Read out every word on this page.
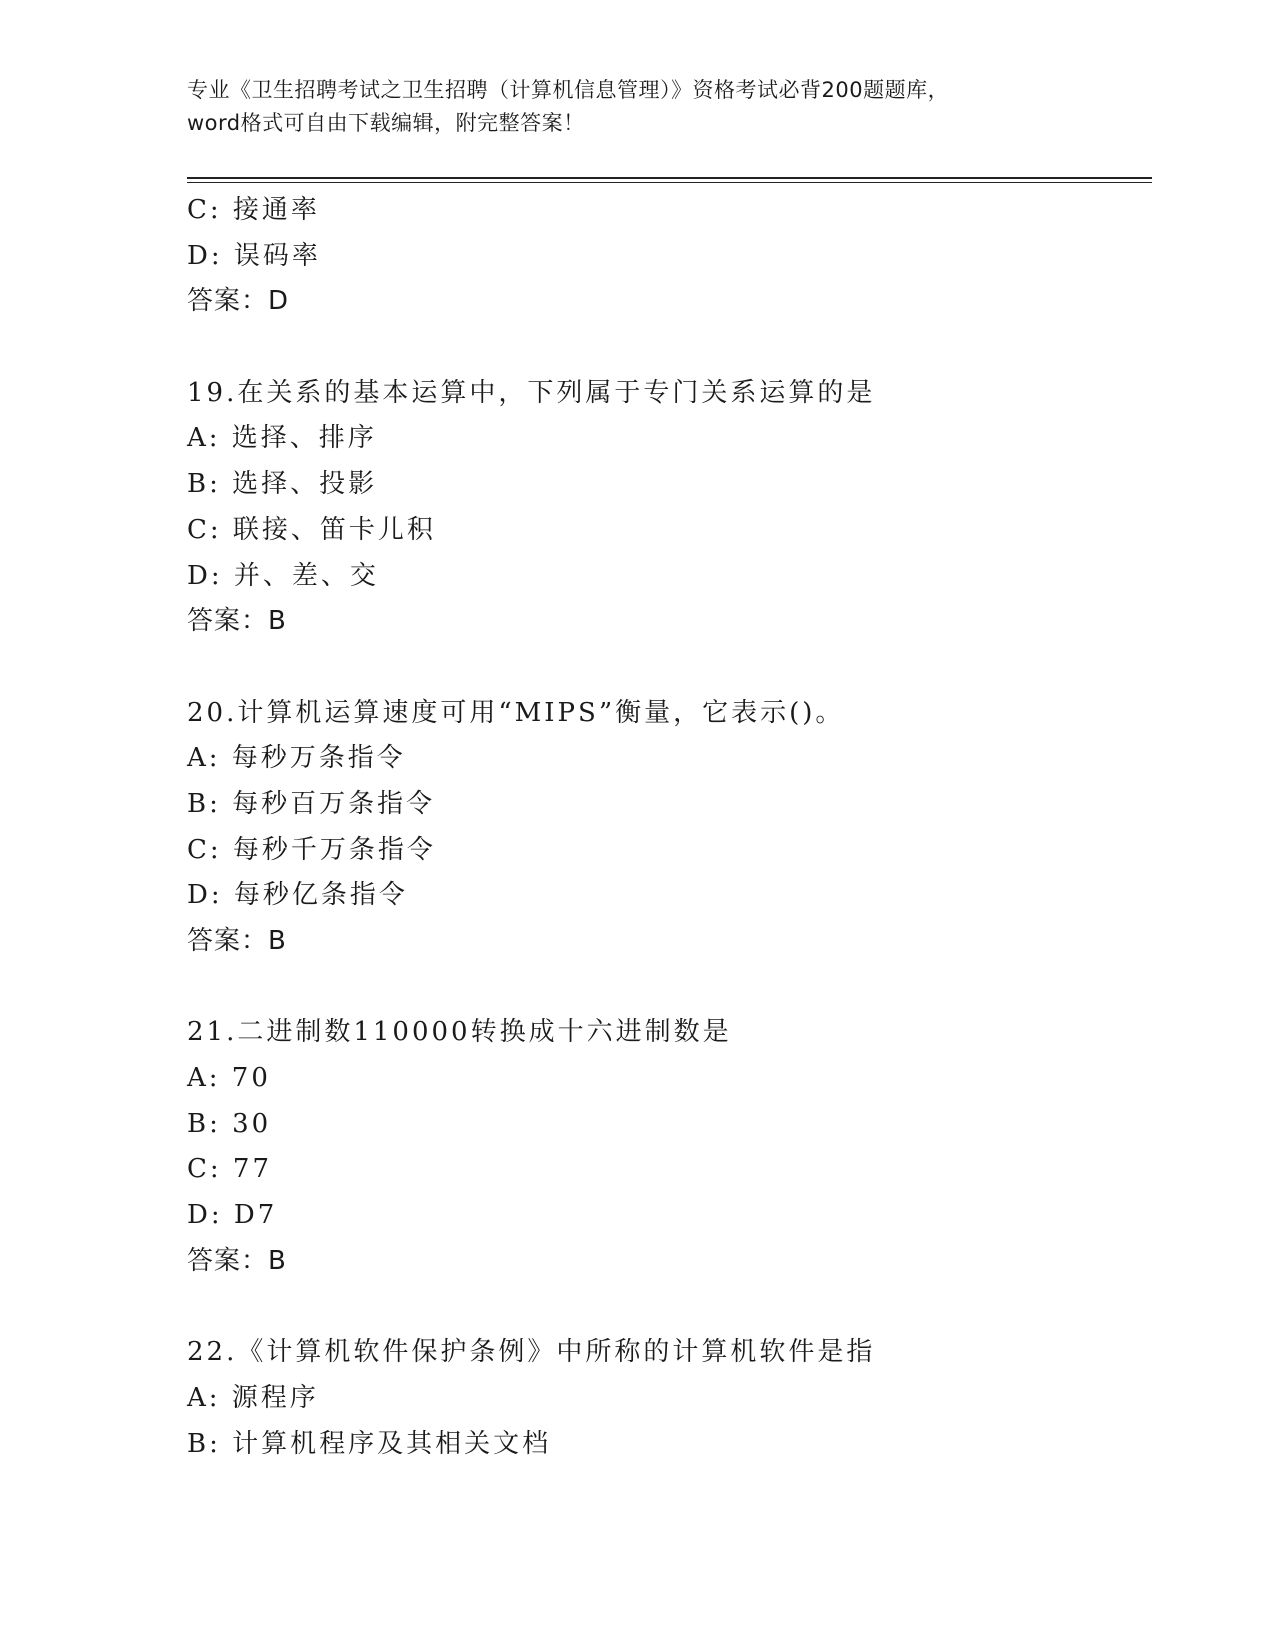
专业《卫生招聘考试之卫生招聘（计算机信息管理）》资格考试必背200题题库，
word格式可自由下载编辑，附完整答案！
C: 接通率
D: 误码率
答案：D
19.在关系的基本运算中，下列属于专门关系运算的是
A: 选择、排序
B: 选择、投影
C: 联接、笛卡儿积
D: 并、差、交
答案：B
20.计算机运算速度可用“MIPS”衡量，它表示()。
A: 每秒万条指令
B: 每秒百万条指令
C: 每秒千万条指令
D: 每秒亿条指令
答案：B
21.二进制数110000转换成十六进制数是
A: 70
B: 30
C: 77
D: D7
答案：B
22.《计算机软件保护条例》中所称的计算机软件是指
A: 源程序
B: 计算机程序及其相关文档
